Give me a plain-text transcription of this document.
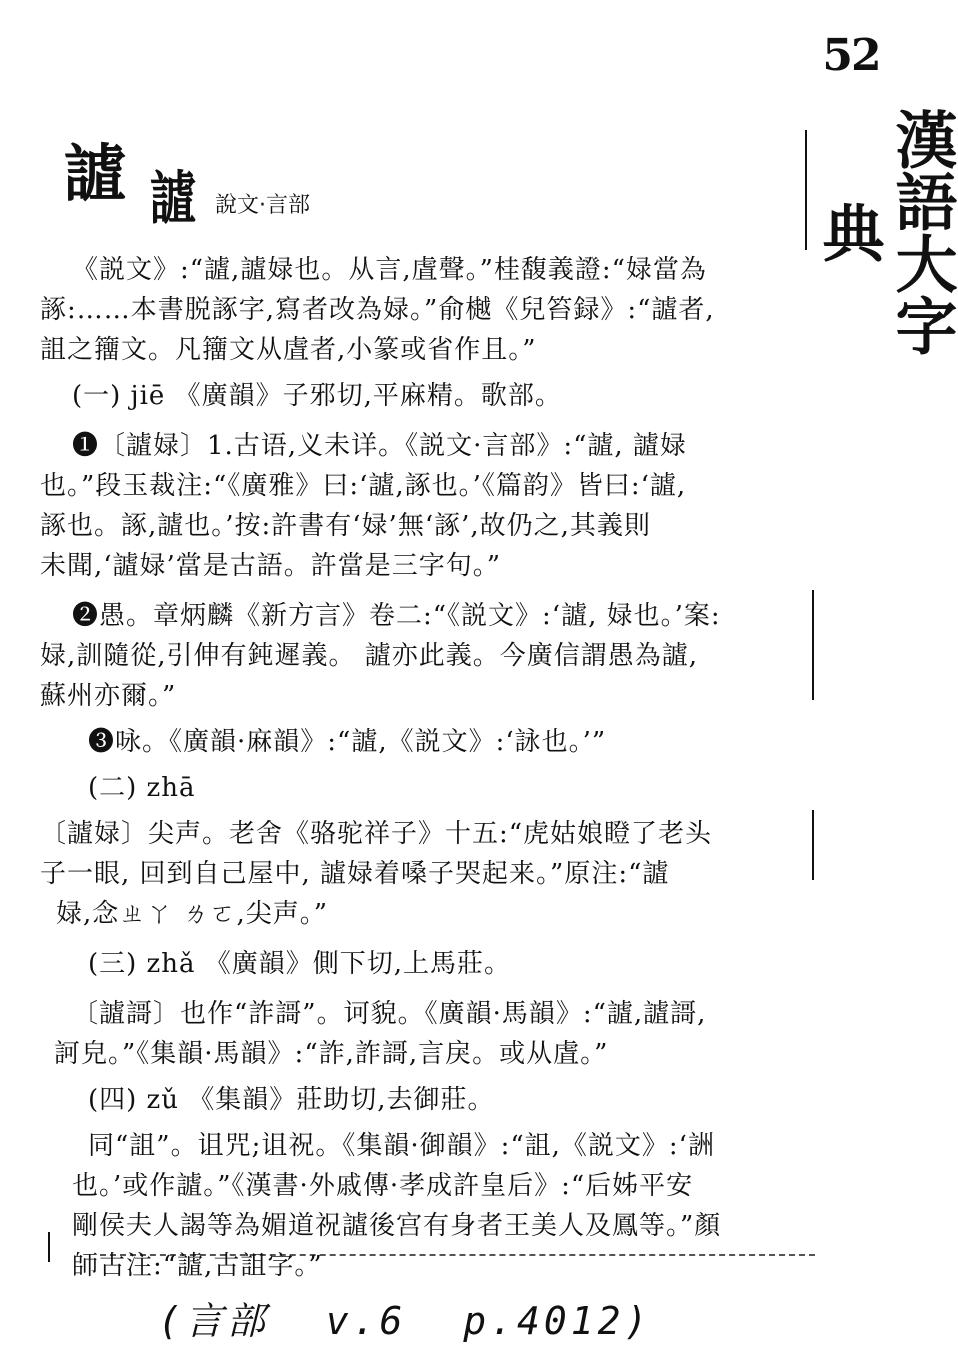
52
漢語大字典
謯 謯 說文·言部
《説文》:“謯,謯娽也。从言,虘聲。”桂馥義證:“娽當為
諑:……本書脱諑字,寫者改為娽。”俞樾《兒笞録》:“謯者,
詛之籒文。凡籒文从虘者,小篆或省作且。”
(一) jiē 《廣韻》子邪切,平麻精。歌部。
❶〔謯娽〕1.古语,义未详。《説文·言部》:“謯, 謯娽
也。”段玉裁注:“《廣雅》曰:‘謯,諑也。’《篇韵》皆曰:‘謯,
諑也。諑,謯也。’按:許書有‘娽’無‘諑’,故仍之,其義則
未聞,‘謯娽’當是古語。許當是三字句。”
❷愚。章炳麟《新方言》卷二:“《説文》:‘謯, 娽也。’案:
娽,訓隨從,引伸有鈍遲義。 謯亦此義。今廣信謂愚為謯,
蘇州亦爾。”
❸咏。《廣韻·麻韻》:“謯,《説文》:‘詠也。’”
(二) zhā
〔謯娽〕尖声。老舍《骆驼祥子》十五:“虎姑娘瞪了老头
子一眼, 回到自己屋中, 謯娽着嗓子哭起来。”原注:“謯
娽,念ㄓㄚ ㄌㄛ,尖声。”
(三) zhǎ 《廣韻》側下切,上馬莊。
〔謯謌〕也作“詐謌”。诃貌。《廣韻·馬韻》:“謯,謯謌,
訶皃。”《集韻·馬韻》:“詐,詐謌,言戾。或从虘。”
(四) zǔ 《集韻》莊助切,去御莊。
同“詛”。诅咒;诅祝。《集韻·御韻》:“詛,《説文》:‘詶
也。’或作謯。”《漢書·外戚傳·孝成許皇后》:“后姊平安
剛侯夫人謁等為媚道祝謯後宫有身者王美人及鳳等。”顏
師古注:“謯,古詛字。”
(言部 v.6 p.4012)
